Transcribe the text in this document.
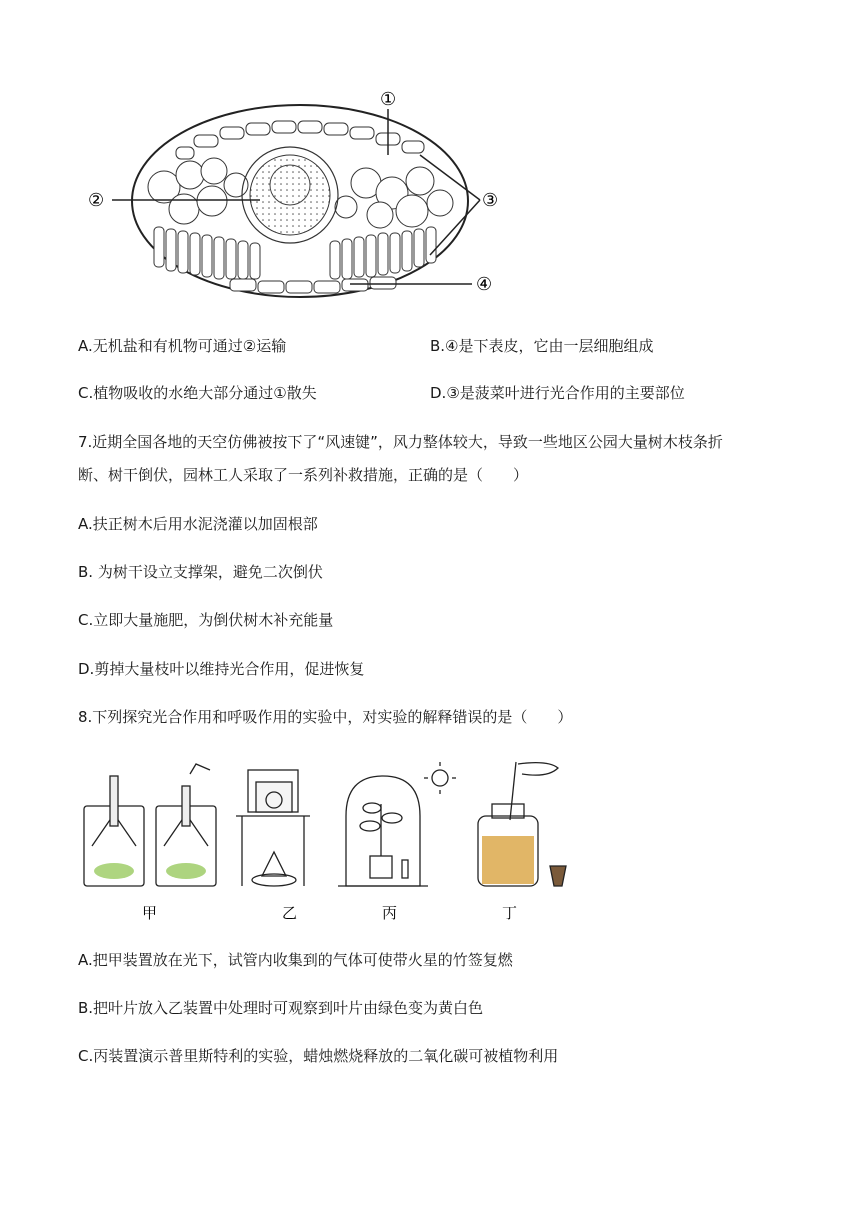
①
②	③
④
A.无机盐和有机物可通过②运输	B.④是下表皮，它由一层细胞组成
C.植物吸收的水绝大部分通过①散失	D.③是菠菜叶进行光合作用的主要部位
7.近期全国各地的天空仿佛被按下了“风速键”，风力整体较大，导致一些地区公园大量树木枝条折
断、树干倒伏，园林工人采取了一系列补救措施，正确的是（　　）
A.扶正树木后用水泥浇灌以加固根部
B. 为树干设立支撑架，避免二次倒伏
C.立即大量施肥，为倒伏树木补充能量
D.剪掉大量枝叶以维持光合作用，促进恢复
8.下列探究光合作用和呼吸作用的实验中，对实验的解释错误的是（　　）
甲	乙	丙	丁
A.把甲装置放在光下，试管内收集到的气体可使带火星的竹签复燃
B.把叶片放入乙装置中处理时可观察到叶片由绿色变为黄白色
C.丙装置演示普里斯特利的实验，蜡烛燃烧释放的二氧化碳可被植物利用
